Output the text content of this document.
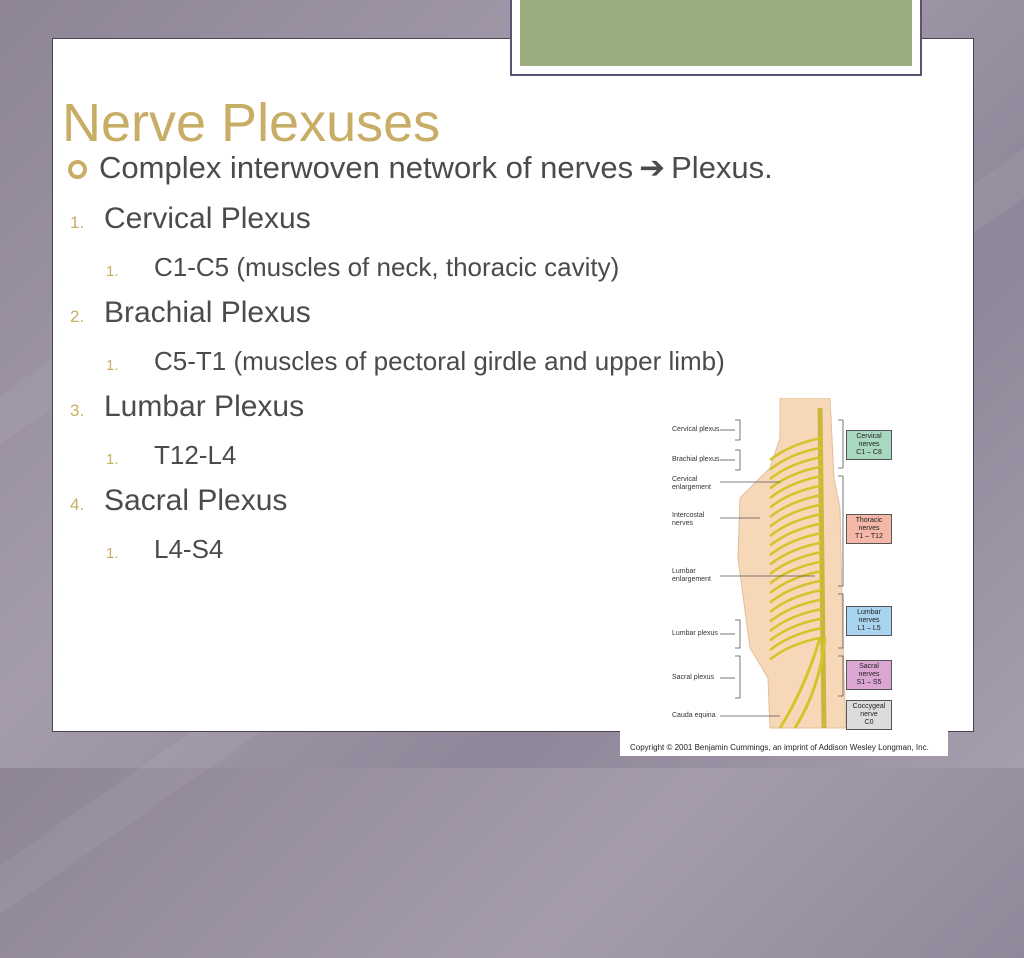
Nerve Plexuses
Complex interwoven network of nerves ➔ Plexus.
1. Cervical Plexus
1.	C1-C5 (muscles of neck, thoracic cavity)
2. Brachial Plexus
1.	C5-T1 (muscles of pectoral girdle and upper limb)
3. Lumbar Plexus
1.	T12-L4
4. Sacral Plexus
1.	L4-S4
Cervical plexus
Brachial plexus
Cervical
enlargement
Intercostal
nerves
Lumbar
enlargement
Lumbar plexus
Sacral plexus
Cauda equina
Cervical
nerves
C1 – C8
Thoracic
nerves
T1 – T12
Lumbar
nerves
L1 – L5
Sacral
nerves
S1 – S5
Coccygeal
nerve
C0
Copyright © 2001 Benjamin Cummings, an imprint of Addison Wesley Longman, Inc.
